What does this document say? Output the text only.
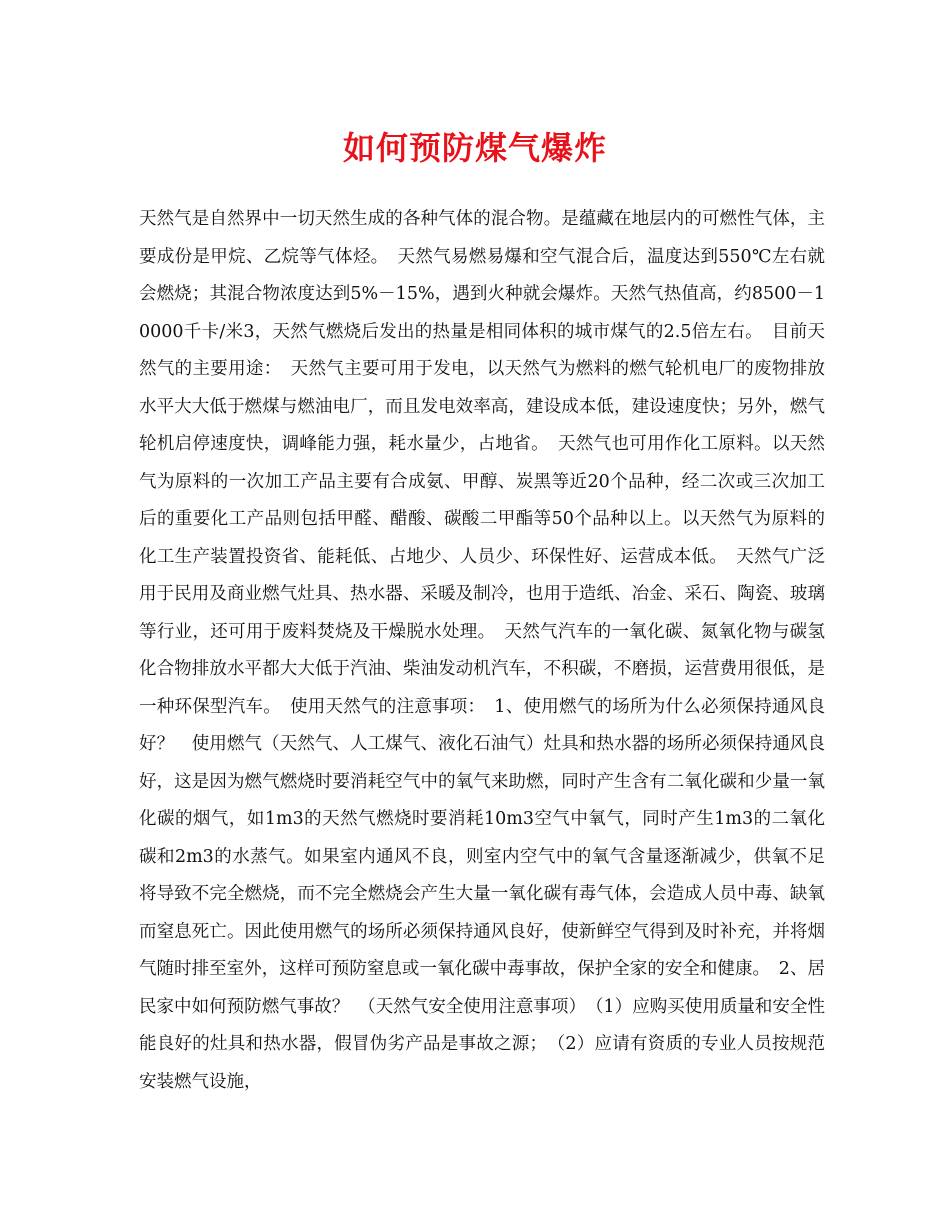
如何预防煤气爆炸

天然气是自然界中一切天然生成的各种气体的混合物。是蕴藏在地层内的可燃性气体，主要成份是甲烷、乙烷等气体烃。　天然气易燃易爆和空气混合后，温度达到550℃左右就会燃烧；其混合物浓度达到5%－15%，遇到火种就会爆炸。天然气热值高，约8500－10000千卡/米3，天然气燃烧后发出的热量是相同体积的城市煤气的2.5倍左右。　目前天然气的主要用途：　天然气主要可用于发电，以天然气为燃料的燃气轮机电厂的废物排放水平大大低于燃煤与燃油电厂，而且发电效率高，建设成本低，建设速度快；另外，燃气轮机启停速度快，调峰能力强，耗水量少，占地省。　天然气也可用作化工原料。以天然气为原料的一次加工产品主要有合成氨、甲醇、炭黑等近20个品种，经二次或三次加工后的重要化工产品则包括甲醛、醋酸、碳酸二甲酯等50个品种以上。以天然气为原料的化工生产装置投资省、能耗低、占地少、人员少、环保性好、运营成本低。　天然气广泛用于民用及商业燃气灶具、热水器、采暖及制冷，也用于造纸、冶金、采石、陶瓷、玻璃等行业，还可用于废料焚烧及干燥脱水处理。　天然气汽车的一氧化碳、氮氧化物与碳氢化合物排放水平都大大低于汽油、柴油发动机汽车，不积碳，不磨损，运营费用很低，是一种环保型汽车。　使用天然气的注意事项：　1、使用燃气的场所为什么必须保持通风良好？　使用燃气（天然气、人工煤气、液化石油气）灶具和热水器的场所必须保持通风良好，这是因为燃气燃烧时要消耗空气中的氧气来助燃，同时产生含有二氧化碳和少量一氧化碳的烟气，如1m3的天然气燃烧时要消耗10m3空气中氧气，同时产生1m3的二氧化碳和2m3的水蒸气。如果室内通风不良，则室内空气中的氧气含量逐渐减少，供氧不足将导致不完全燃烧，而不完全燃烧会产生大量一氧化碳有毒气体，会造成人员中毒、缺氧而窒息死亡。因此使用燃气的场所必须保持通风良好，使新鲜空气得到及时补充，并将烟气随时排至室外，这样可预防窒息或一氧化碳中毒事故，保护全家的安全和健康。　2、居民家中如何预防燃气事故？　（天然气安全使用注意事项）　（1）应购买使用质量和安全性能良好的灶具和热水器，假冒伪劣产品是事故之源；　（2）应请有资质的专业人员按规范安装燃气设施，
